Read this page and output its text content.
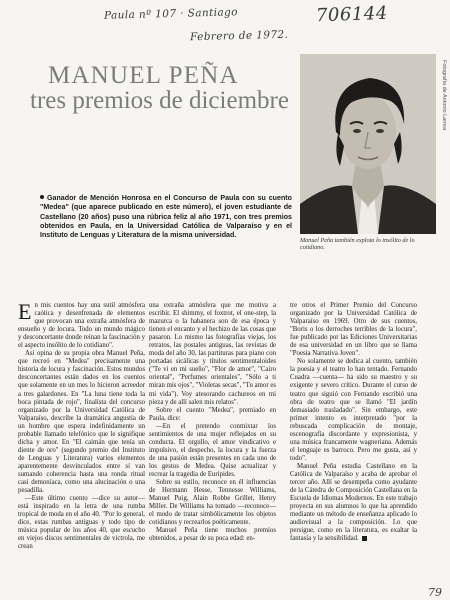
Paula nº 107 · Santiago
Febrero de 1972.
706144
MANUEL PEÑA
tres premios de diciembre	Fotografía de Antonio Larrea
Manuel Peña también explota lo insólito de lo cotidiano.

Ganador de Mención Honrosa en el Concurso de Paula con su cuento "Medea" (que aparece publicado en este número), el joven estudiante de Castellano (20 años) puso una rúbrica feliz al año 1971, con tres premios obtenidos en Paula, en la Universidad Católica de Valparaíso y en el Instituto de Lenguas y Literatura de la misma universidad.

En mis cuentos hay una sutil atmósfera caótica y desenfrenada de elementos que provocan una extraña atmósfera de ensueño y de locura. Todo un mundo mágico y desconcertante donde reinan la fascinación y el aspecto insólito de lo cotidiano".

Así opina de su propia obra Manuel Peña, que recreó en "Medea" precisamente una historia de locura y fascinación. Estos mundos desconcertantes están dados en los cuentos que solamente en un mes lo hicieron acreedor a tres galardones. En "La luna tiene toda la boca pintada de rojo", finalista del concurso organizado por la Universidad Católica de Valparaíso, describe la dramática angustia de un hombre que espera indefinidamente un probable llamado telefónico que le signifique dicha y amor. En "El caimán que tenía un diente de oro" (segundo premio del Instituto de Lenguas y Literatura) varios elementos aparentemente desvinculados entre sí van sumando coherencia hasta una ronda ritual casi demoníaca, como una alucinación o una pesadilla.

—Este último cuento —dice su autor— está inspirado en la letra de una rumba tropical de moda en el año 40. "Por lo general, dice, estas rumbas antiguas y todo tipo de música popular de los años 40, que escucho en viejos discos sentimentales de victrola, me crean

una extraña atmósfera que me motiva a escribir. El shimmy, el foxtrot, el one-step, la mazurca o la habanera son de esa época y tienen el encanto y el hechizo de las cosas que pasaron. Lo mismo las fotografías viejas, los retratos, las postales antiguas, las revistas de moda del año 30, las partituras para piano con portadas sicálicas y títulos sentimentaloides ("Te vi en mi sueño", "Flor de amor", "Cairo oriental", "Perfumes orientales", "Sólo a ti miran mis ojos", "Violetas secas", "Tu amor es mi vida"). Voy atesorando cachureos en mi pieza y de allí salen mis relatos".

Sobre el cuento "Medea", premiado en Paula, dice:

—En el pretendo conmixtar los sentimientos de una mujer reflejados en su conducta. El orgullo, el amor vindicativo e impulsivo, el despecho, la locura y la fuerza de una pasión están presentes en cada uno de los gestos de Medea. Quise actualizar y recrear la tragedia de Eurípides.

Sobre su estilo, reconoce en él influencias de Hermann Hesse, Tennesse Williams, Manuel Puig, Alain Robbe Grillet, Henry Miller. De Williams ha tomado —reconoce— el modo de tratar simbólicamente los objetos cotidianos y recrearlos poéticamente.

Manuel Peña tiene muchos premios obtenidos, a pesar de su poca edad: en-

tre otros el Primer Premio del Concurso organizado por la Universidad Católica de Valparaíso en 1969. Otro de sus cuentos, "Boris o los derroches terribles de la locura", fue publicado por las Ediciones Universitarias de esa universidad en un libro que se llama "Poesía Narrativa Joven".

No solamente se dedica al cuento, también la poesía y el teatro lo han tentado. Fernando Cuadra —cuenta— ha sido su maestro y su exigente y severo crítico. Durante el curso de teatro que siguió con Fernando escribió una obra de teatro que se llamó "El jardín demasiado trasladado". Sin embargo, este primer intento es interpretado "por la rebuscada complicación de montaje, escenografía discordante y expresionista, y una música francamente wagneriana. Además el lenguaje es barroco. Pero me gusta, así y todo".

Manuel Peña estudia Castellano en la Católica de Valparaíso y acaba de aprobar el tercer año. Allí se desempeña como ayudante de la Cátedra de Composición Castellana en la Escuela de Idiomas Modernos. En este trabajo proyecta en sus alumnos lo que ha aprendido mediante un método de enseñanza aplicado lo audiovisual a la composición. Lo que persigue, como en la literatura, es exaltar la fantasía y la sensibilidad.

79
